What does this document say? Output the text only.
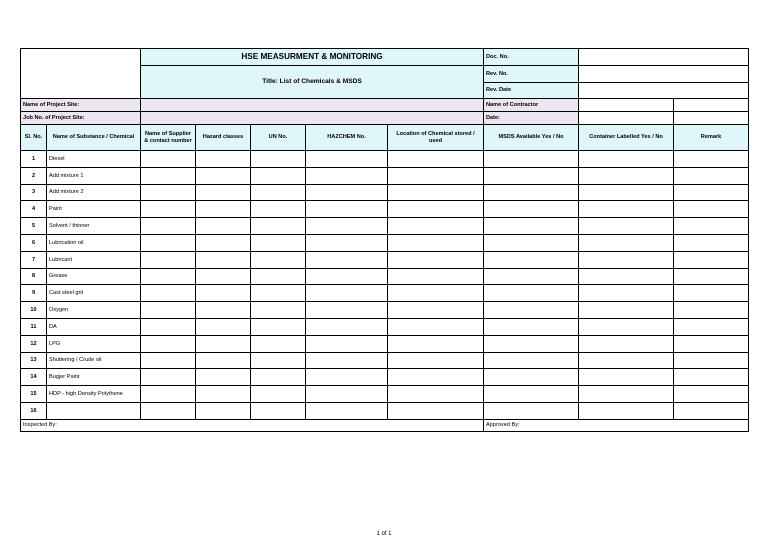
		HSE MEASURMENT & MONITORING					Doc. No.		
		Title: List of Chemicals & MSDS					Rev. No.		
							Rev. Date		
Name of Project Site:							Name of Contractor		
Job No. of Project Site:							Date:		
Sl. No.	Name of Substance / Chemical	Name of Supplier & contact number	Hazard classes	UN No.	HAZCHEM No.	Location of Chemical stored / used	MSDS Available Yes / No	Container Labelled Yes / No	Remark
1	Diesel								
2	Add mixture 1								
3	Add mixture 2								
4	Paint								
5	Solvent / thinner								
6	Lubrication oil								
7	Lubricant								
8	Grease								
9	Cast steel grit								
10	Oxygen								
11	DA								
12	LPG								
13	Shuttering / Crude oil								
14	Bugjer Paint								
15	HDP - high Density Polythene								
16									
Inspected By:							Approved By:		
1 of 1
